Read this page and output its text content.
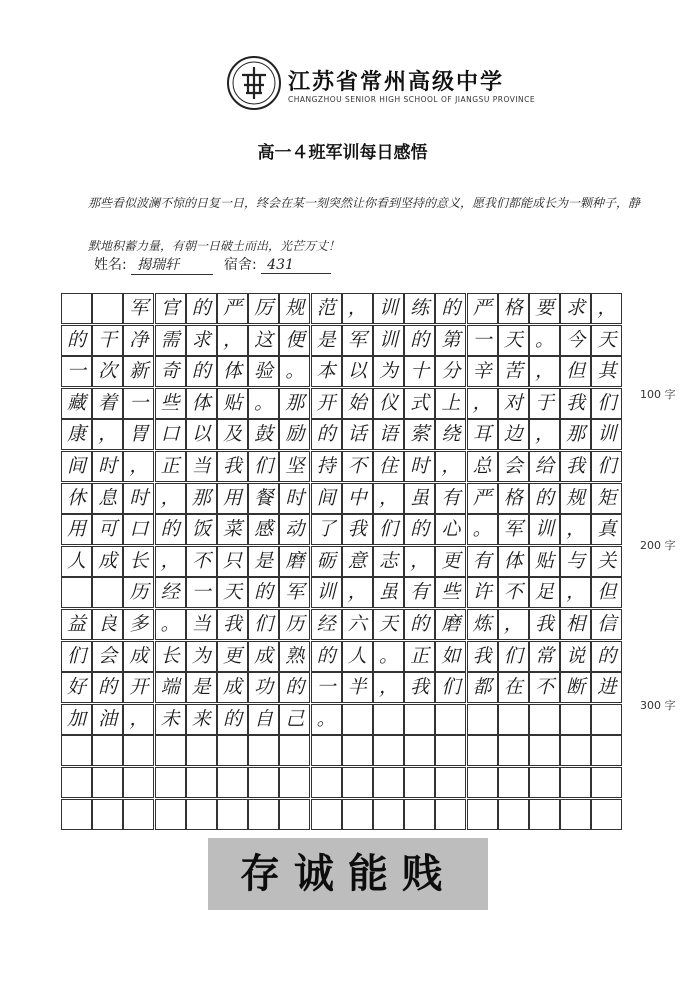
江苏省常州高级中学
CHANGZHOU SENIOR HIGH SCHOOL OF JIANGSU PROVINCE
高一４班军训每日感悟
那些看似波澜不惊的日复一日，终会在某一刻突然让你看到坚持的意义，愿我们都能成长为一颗种子，静默地积蓄力量，有朝一日破土而出，光芒万丈！
姓名: 揭瑞轩	宿舍: 431
军 官 的 严 厉 规 范 ， 训 练 的 严 格 要 求 ，
的 干 净 需 求 ， 这 便 是 军 训 的 第 一 天 。 今 天
一 次 新 奇 的 体 验 。 本 以 为 十 分 辛 苦 ， 但 其
藏 着 一 些 体 贴 。 那 开 始 仪 式 上 ， 对 于 我 们
康 ， 胃 口 以 及 鼓 励 的 话 语 萦 绕 耳 边 ， 那 训
间 时 ， 正 当 我 们 坚 持 不 住 时 ， 总 会 给 我 们
休 息 时 ， 那 用 餐 时 间 中 ， 虽 有 严 格 的 规 矩
用 可 口 的 饭 菜 感 动 了 我 们 的 心 。 军 训 ， 真
人 成 长 ， 不 只 是 磨 砺 意 志 ， 更 有 体 贴 与 关
历 经 一 天 的 军 训 ， 虽 有 些 许 不 足 ， 但
益 良 多 。 当 我 们 历 经 六 天 的 磨 炼 ， 我 相 信
们 会 成 长 为 更 成 熟 的 人 。 正 如 我 们 常 说 的
好 的 开 端 是 成 功 的 一 半 ， 我 们 都 在 不 断 进
加 油 ， 未 来 的 自 己 。
100 字
200 字
300 字
存诚能贱
